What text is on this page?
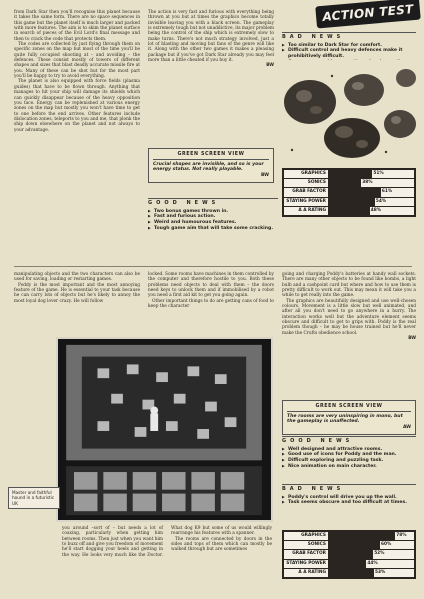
ACTION TEST

from Dark Star then you'll recognise this planet because it takes the same form. There are no space sequences in this game but the planet itself is much larger and packed with more features. The aim is to skim the planet surface in search of pieces of the Evil Lord's final message and then to crack the code that protects them.

The codes are collected by just flying through them on specific zones on the map but most of the time you'll be quite fully occupied shooting at – and avoiding – the defences. These consist mostly of towers of different shapes and sizes that blast deadly accurate missile fire at you. Many of these can be shot but for the most part you'll be happy to try to avoid everything.

The planet is also equipped with force fields (plasma guides) that have to be flown through. Anything that manages to hit your ship will damage its shields which can quickly disappear because of the heavy opposition you face. Energy can be replenished at various energy zones on the map but mostly you won't have time to get to one before the end arrives. Other features include dislocation zones, teleports to you and me, that plonk the ship down elsewhere on the planet and not always to your advantage.

The action is very fast and furious with everything being thrown at you but at times the graphics become totally invisible leaving you with a black screen. The gameplay is extremely tough but not unaddictive, its major problem being the control of the ship which is extremely slow to make turns. There's not much strategy involved, just a lot of blasting and moving but fans of the genre will like it. Along with the other two games it makes a pleasing package but if you've got Dark Star already you may feel more than a little cheated if you buy it.

BW
GREEN SCREEN VIEW
Crucial shapes are invisible, and so is your energy status. Not really playable.
BW
GOOD NEWS
▶ Two bonus games thrown in.
▶ Fast and furious action.
▶ Weird and humourous features.
▶ Tough game aim that will take some cracking.
BAD NEWS
▶ Too similar to Dark Star for comfort.
▶ Difficult control and heavy defences make it prohibitively difficult.
▶
GRAPHICS	51%
SONICS	38%
GRAB FACTOR	61%
STAYING POWER	54%
A A RATING	48%

manipulating objects and the two characters can also be used for saving, loading or restarting games.

Poddy is the most important and the most annoying feature of the game. He is essential to your task because he can carry lots of objects but he's likely to annoy the most loyal dog lover crazy. He will follow

locked. Some rooms have machines in them controlled by the computer and therefore hostile to you. Both these problems need objects to deal with them – the doors need keys to unlock them and if immobilised by a robot you need a first aid kit to get you going again.

Other important things to do are getting cans of food to keep the character

Master and faithful hound in a futuristic UK

you around –sort of – but needs a lot of coaxing, particularly when getting him between rooms. Then just when you want him to buzz off and give you freedom of movement he'll start dogging your heels and getting in the way. He looks very much like the Doctor. What dog K9 but some of us would willingly rearrange his features with a spanner.

The rooms are connected by doors in the sides and tops of them which can mostly be walked through but are sometimes

going and charging Poddy's batteries at handy wall sockets. There are many other objects to be found like bombs, a light bulb and a cashpoint card but where and how to use them is pretty difficult to work out. This may mean it will take you a while to get really into the game.

The graphics are beautifully designed and use well-chosen colours. Movement is a little slow but well animated, and after all you don't need to go anywhere in a hurry. The interaction works well but the adventure element seems obscure and difficult to get to grips with. Poddy is the real problem though – he may be house trained but he'll never make the Crufts obedience school.

BW
GREEN SCREEN VIEW
The rooms are very uninspiring in mono, but the gameplay is unaffected.
AW
GOOD NEWS
▶ Well designed and attractive rooms.
▶ Good use of icons for Poddy and the man.
▶ Difficult exploring and puzzling task.
▶ Nice animation on main character.
BAD NEWS
▶ Poddy's control will drive you up the wall.
▶ Task seems obscure and too difficult at times.
GRAPHICS	78%
SONICS	60%
GRAB FACTOR	52%
STAYING POWER	44%
A A RATING	53%
